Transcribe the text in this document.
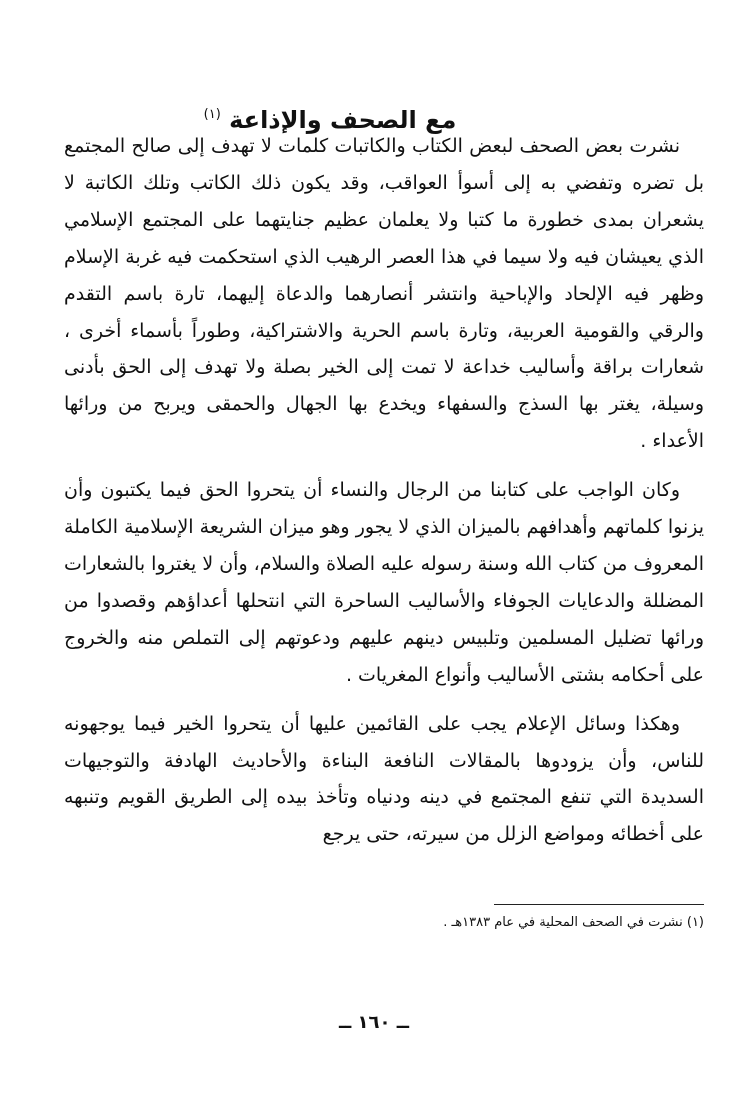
مع الصحف والإذاعة $^{(١)}$

نشرت بعض الصحف لبعض الكتاب والكاتبات كلمات لا تهدف إلى صالح المجتمع بل تضره وتفضي به إلى أسوأ العواقب، وقد يكون ذلك الكاتب وتلك الكاتبة لا يشعران بمدى خطورة ما كتبا ولا يعلمان عظيم جنايتهما على المجتمع الإسلامي الذي يعيشان فيه ولا سيما في هذا العصر الرهيب الذي استحكمت فيه غربة الإسلام وظهر فيه الإلحاد والإباحية وانتشر أنصارهما والدعاة إليهما، تارة باسم التقدم والرقي والقومية العربية، وتارة باسم الحرية والاشتراكية، وطوراً بأسماء أخرى ، شعارات براقة وأساليب خداعة لا تمت إلى الخير بصلة ولا تهدف إلى الحق بأدنى وسيلة، يغتر بها السذج والسفهاء ويخدع بها الجهال والحمقى ويربح من ورائها الأعداء .

وكان الواجب على كتابنا من الرجال والنساء أن يتحروا الحق فيما يكتبون وأن يزنوا كلماتهم وأهدافهم بالميزان الذي لا يجور وهو ميزان الشريعة الإسلامية الكاملة المعروف من كتاب الله وسنة رسوله عليه الصلاة والسلام، وأن لا يغتروا بالشعارات المضللة والدعايات الجوفاء والأساليب الساحرة التي انتحلها أعداؤهم وقصدوا من ورائها تضليل المسلمين وتلبيس دينهم عليهم ودعوتهم إلى التملص منه والخروج على أحكامه بشتى الأساليب وأنواع المغريات .

وهكذا وسائل الإعلام يجب على القائمين عليها أن يتحروا الخير فيما يوجهونه للناس، وأن يزودوها بالمقالات النافعة البناءة والأحاديث الهادفة والتوجيهات السديدة التي تنفع المجتمع في دينه ودنياه وتأخذ بيده إلى الطريق القويم وتنبهه على أخطائه ومواضع الزلل من سيرته، حتى يرجع

(١) نشرت في الصحف المحلية في عام ١٣٨٣هـ .
ــ ١٦٠ ــ
